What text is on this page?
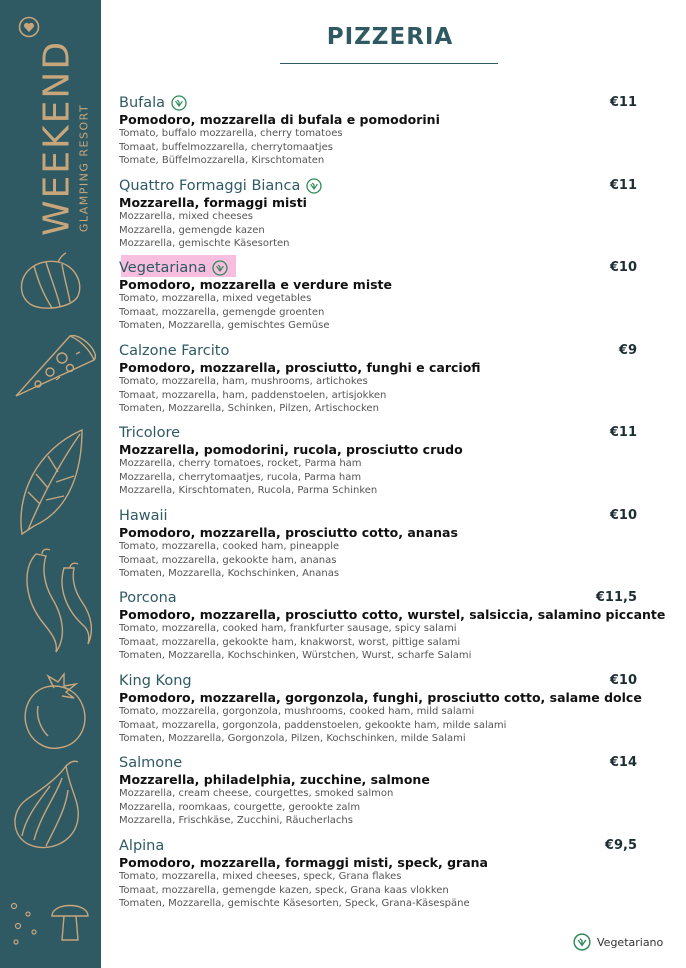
WEEKEND GLAMPING RESORT
PIZZERIA
Bufala	€11
Pomodoro, mozzarella di bufala e pomodorini
Tomato, buffalo mozzarella, cherry tomatoes
Tomaat, buffelmozzarella, cherrytomaatjes
Tomate, Büffelmozzarella, Kirschtomaten
Quattro Formaggi Bianca	€11
Mozzarella, formaggi misti
Mozzarella, mixed cheeses
Mozzarella, gemengde kazen
Mozzarella, gemischte Käsesorten
Vegetariana	€10
Pomodoro, mozzarella e verdure miste
Tomato, mozzarella, mixed vegetables
Tomaat, mozzarella, gemengde groenten
Tomaten, Mozzarella, gemischtes Gemüse
Calzone Farcito	€9
Pomodoro, mozzarella, prosciutto, funghi e carciofi
Tomato, mozzarella, ham, mushrooms, artichokes
Tomaat, mozzarella, ham, paddenstoelen, artisjokken
Tomaten, Mozzarella, Schinken, Pilzen, Artischocken
Tricolore	€11
Mozzarella, pomodorini, rucola, prosciutto crudo
Mozzarella, cherry tomatoes, rocket, Parma ham
Mozzarella, cherrytomaatjes, rucola, Parma ham
Mozzarella, Kirschtomaten, Rucola, Parma Schinken
Hawaii	€10
Pomodoro, mozzarella, prosciutto cotto, ananas
Tomato, mozzarella, cooked ham, pineapple
Tomaat, mozzarella, gekookte ham, ananas
Tomaten, Mozzarella, Kochschinken, Ananas
Porcona	€11,5
Pomodoro, mozzarella, prosciutto cotto, wurstel, salsiccia, salamino piccante
Tomato, mozzarella, cooked ham, frankfurter sausage, spicy salami
Tomaat, mozzarella, gekookte ham, knakworst, worst, pittige salami
Tomaten, Mozzarella, Kochschinken, Würstchen, Wurst, scharfe Salami
King Kong	€10
Pomodoro, mozzarella, gorgonzola, funghi, prosciutto cotto, salame dolce
Tomato, mozzarella, gorgonzola, mushrooms, cooked ham, mild salami
Tomaat, mozzarella, gorgonzola, paddenstoelen, gekookte ham, milde salami
Tomaten, Mozzarella, Gorgonzola, Pilzen, Kochschinken, milde Salami
Salmone	€14
Mozzarella, philadelphia, zucchine, salmone
Mozzarella, cream cheese, courgettes, smoked salmon
Mozzarella, roomkaas, courgette, gerookte zalm
Mozzarella, Frischkäse, Zucchini, Räucherlachs
Alpina	€9,5
Pomodoro, mozzarella, formaggi misti, speck, grana
Tomato, mozzarella, mixed cheeses, speck, Grana flakes
Tomaat, mozzarella, gemengde kazen, speck, Grana kaas vlokken
Tomaten, Mozzarella, gemischte Käsesorten, Speck, Grana-Käsespäne
Vegetariano
